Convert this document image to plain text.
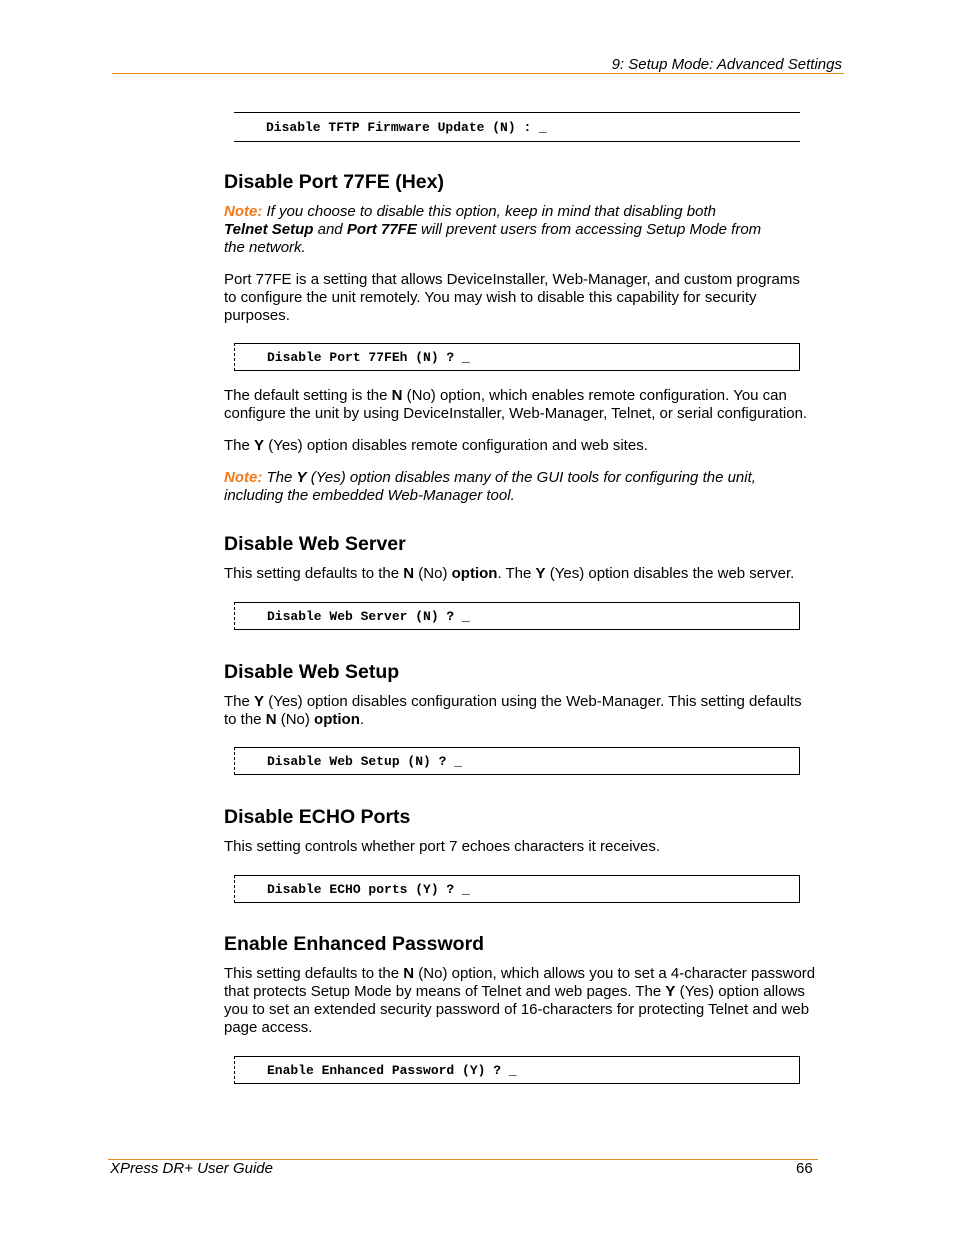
9: Setup Mode: Advanced Settings
Disable TFTP Firmware Update (N) : _
Disable Port 77FE (Hex)
Note: If you choose to disable this option, keep in mind that disabling both
Telnet Setup and Port 77FE will prevent users from accessing Setup Mode from
the network.
Port 77FE is a setting that allows DeviceInstaller, Web-Manager, and custom programs
to configure the unit remotely. You may wish to disable this capability for security
purposes.
Disable Port 77FEh (N) ? _
The default setting is the N (No) option, which enables remote configuration. You can
configure the unit by using DeviceInstaller, Web-Manager, Telnet, or serial configuration.
The Y (Yes) option disables remote configuration and web sites.
Note: The Y (Yes) option disables many of the GUI tools for configuring the unit,
including the embedded Web-Manager tool.
Disable Web Server
This setting defaults to the N (No) option. The Y (Yes) option disables the web server.
Disable Web Server (N) ? _
Disable Web Setup
The Y (Yes) option disables configuration using the Web-Manager. This setting defaults
to the N (No) option.
Disable Web Setup (N) ? _
Disable ECHO Ports
This setting controls whether port 7 echoes characters it receives.
Disable ECHO ports (Y) ? _
Enable Enhanced Password
This setting defaults to the N (No) option, which allows you to set a 4-character password
that protects Setup Mode by means of Telnet and web pages. The Y (Yes) option allows
you to set an extended security password of 16-characters for protecting Telnet and web
page access.
Enable Enhanced Password (Y) ? _
XPress DR+ User Guide	66
